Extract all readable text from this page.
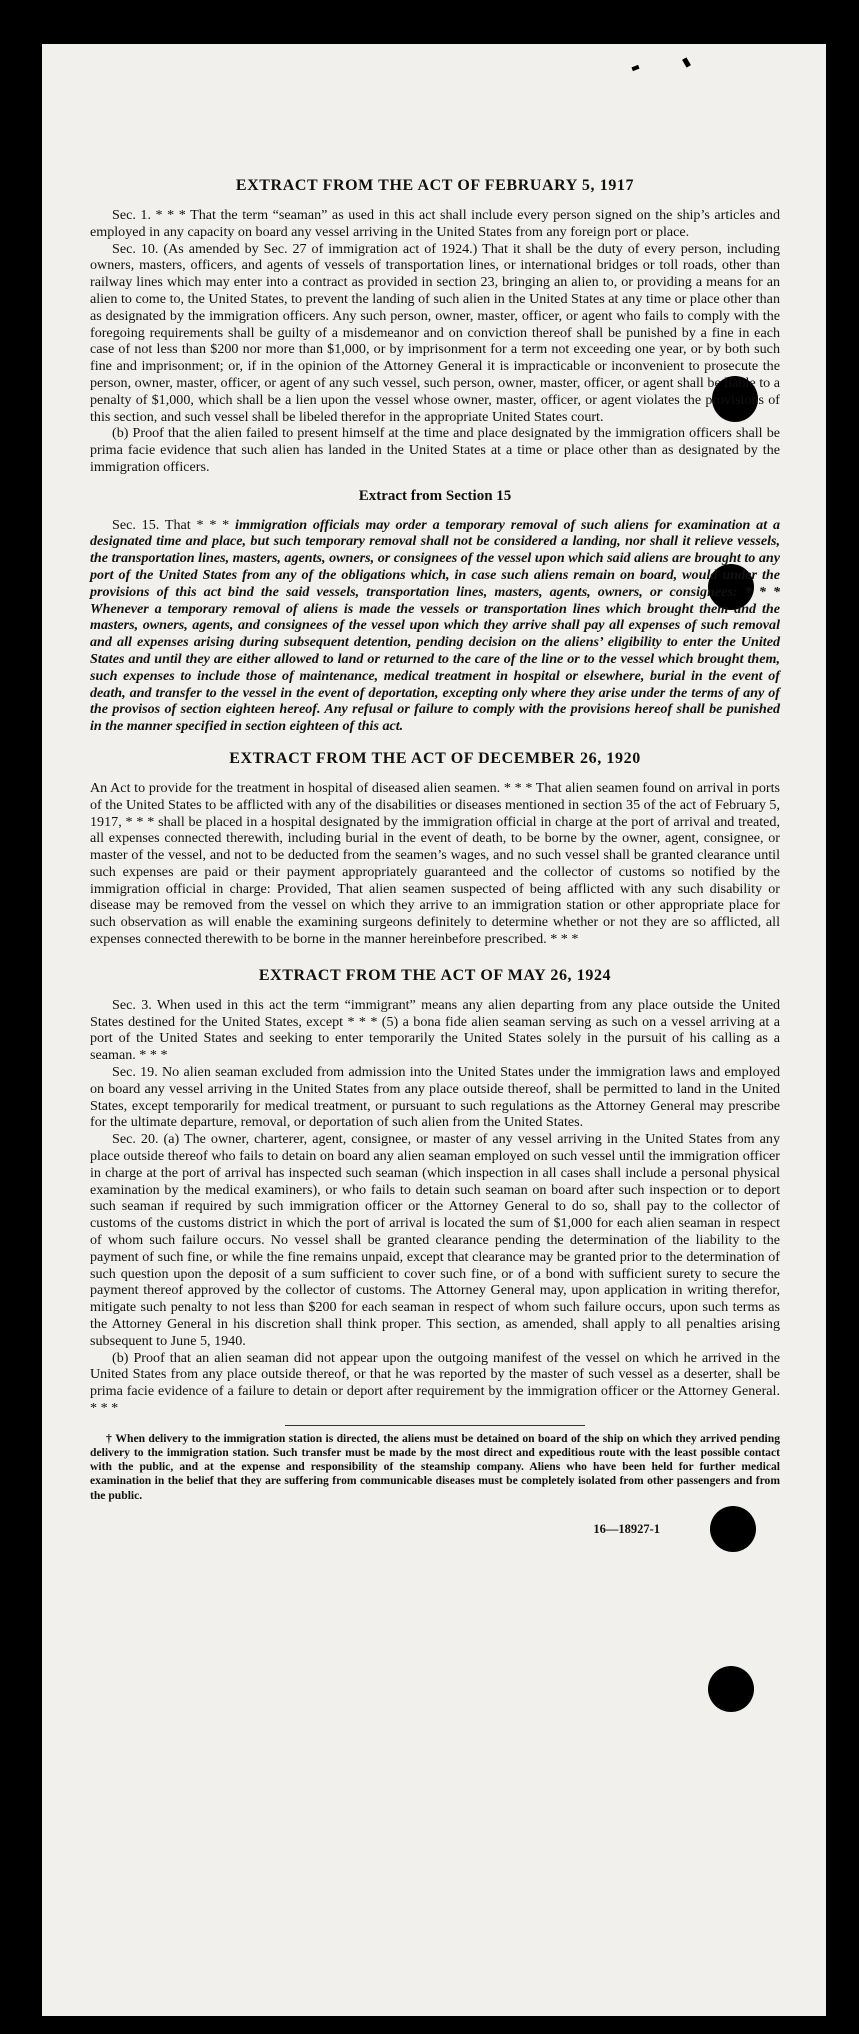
EXTRACT FROM THE ACT OF FEBRUARY 5, 1917

Sec. 1. * * * That the term “seaman” as used in this act shall include every person signed on the ship’s articles and employed in any capacity on board any vessel arriving in the United States from any foreign port or place.

Sec. 10. (As amended by Sec. 27 of immigration act of 1924.) That it shall be the duty of every person, including owners, masters, officers, and agents of vessels of transportation lines, or international bridges or toll roads, other than railway lines which may enter into a contract as provided in section 23, bringing an alien to, or providing a means for an alien to come to, the United States, to prevent the landing of such alien in the United States at any time or place other than as designated by the immigration officers. Any such person, owner, master, officer, or agent who fails to comply with the foregoing requirements shall be guilty of a misdemeanor and on conviction thereof shall be punished by a fine in each case of not less than $200 nor more than $1,000, or by imprisonment for a term not exceeding one year, or by both such fine and imprisonment; or, if in the opinion of the Attorney General it is impracticable or inconvenient to prosecute the person, owner, master, officer, or agent of any such vessel, such person, owner, master, officer, or agent shall be liable to a penalty of $1,000, which shall be a lien upon the vessel whose owner, master, officer, or agent violates the provisions of this section, and such vessel shall be libeled therefor in the appropriate United States court.

(b) Proof that the alien failed to present himself at the time and place designated by the immigration officers shall be prima facie evidence that such alien has landed in the United States at a time or place other than as designated by the immigration officers.

Extract from Section 15

Sec. 15. That * * * immigration officials may order a temporary removal of such aliens for examination at a designated time and place, but such temporary removal shall not be considered a landing, nor shall it relieve vessels, the transportation lines, masters, agents, owners, or consignees of the vessel upon which said aliens are brought to any port of the United States from any of the obligations which, in case such aliens remain on board, would under the provisions of this act bind the said vessels, transportation lines, masters, agents, owners, or consignees: * * * Whenever a temporary removal of aliens is made the vessels or transportation lines which brought them and the masters, owners, agents, and consignees of the vessel upon which they arrive shall pay all expenses of such removal and all expenses arising during subsequent detention, pending decision on the aliens’ eligibility to enter the United States and until they are either allowed to land or returned to the care of the line or to the vessel which brought them, such expenses to include those of maintenance, medical treatment in hospital or elsewhere, burial in the event of death, and transfer to the vessel in the event of deportation, excepting only where they arise under the terms of any of the provisos of section eighteen hereof. Any refusal or failure to comply with the provisions hereof shall be punished in the manner specified in section eighteen of this act.

EXTRACT FROM THE ACT OF DECEMBER 26, 1920

An Act to provide for the treatment in hospital of diseased alien seamen. * * * That alien seamen found on arrival in ports of the United States to be afflicted with any of the disabilities or diseases mentioned in section 35 of the act of February 5, 1917, * * * shall be placed in a hospital designated by the immigration official in charge at the port of arrival and treated, all expenses connected therewith, including burial in the event of death, to be borne by the owner, agent, consignee, or master of the vessel, and not to be deducted from the seamen’s wages, and no such vessel shall be granted clearance until such expenses are paid or their payment appropriately guaranteed and the collector of customs so notified by the immigration official in charge: Provided, That alien seamen suspected of being afflicted with any such disability or disease may be removed from the vessel on which they arrive to an immigration station or other appropriate place for such observation as will enable the examining surgeons definitely to determine whether or not they are so afflicted, all expenses connected therewith to be borne in the manner hereinbefore prescribed. * * *

EXTRACT FROM THE ACT OF MAY 26, 1924

Sec. 3. When used in this act the term “immigrant” means any alien departing from any place outside the United States destined for the United States, except * * * (5) a bona fide alien seaman serving as such on a vessel arriving at a port of the United States and seeking to enter temporarily the United States solely in the pursuit of his calling as a seaman. * * *

Sec. 19. No alien seaman excluded from admission into the United States under the immigration laws and employed on board any vessel arriving in the United States from any place outside thereof, shall be permitted to land in the United States, except temporarily for medical treatment, or pursuant to such regulations as the Attorney General may prescribe for the ultimate departure, removal, or deportation of such alien from the United States.

Sec. 20. (a) The owner, charterer, agent, consignee, or master of any vessel arriving in the United States from any place outside thereof who fails to detain on board any alien seaman employed on such vessel until the immigration officer in charge at the port of arrival has inspected such seaman (which inspection in all cases shall include a personal physical examination by the medical examiners), or who fails to detain such seaman on board after such inspection or to deport such seaman if required by such immigration officer or the Attorney General to do so, shall pay to the collector of customs of the customs district in which the port of arrival is located the sum of $1,000 for each alien seaman in respect of whom such failure occurs. No vessel shall be granted clearance pending the determination of the liability to the payment of such fine, or while the fine remains unpaid, except that clearance may be granted prior to the determination of such question upon the deposit of a sum sufficient to cover such fine, or of a bond with sufficient surety to secure the payment thereof approved by the collector of customs. The Attorney General may, upon application in writing therefor, mitigate such penalty to not less than $200 for each seaman in respect of whom such failure occurs, upon such terms as the Attorney General in his discretion shall think proper. This section, as amended, shall apply to all penalties arising subsequent to June 5, 1940.

(b) Proof that an alien seaman did not appear upon the outgoing manifest of the vessel on which he arrived in the United States from any place outside thereof, or that he was reported by the master of such vessel as a deserter, shall be prima facie evidence of a failure to detain or deport after requirement by the immigration officer or the Attorney General. * * *

† When delivery to the immigration station is directed, the aliens must be detained on board of the ship on which they arrived pending delivery to the immigration station. Such transfer must be made by the most direct and expeditious route with the least possible contact with the public, and at the expense and responsibility of the steamship company. Aliens who have been held for further medical examination in the belief that they are suffering from communicable diseases must be completely isolated from other passengers and from the public.

16—18927-1
